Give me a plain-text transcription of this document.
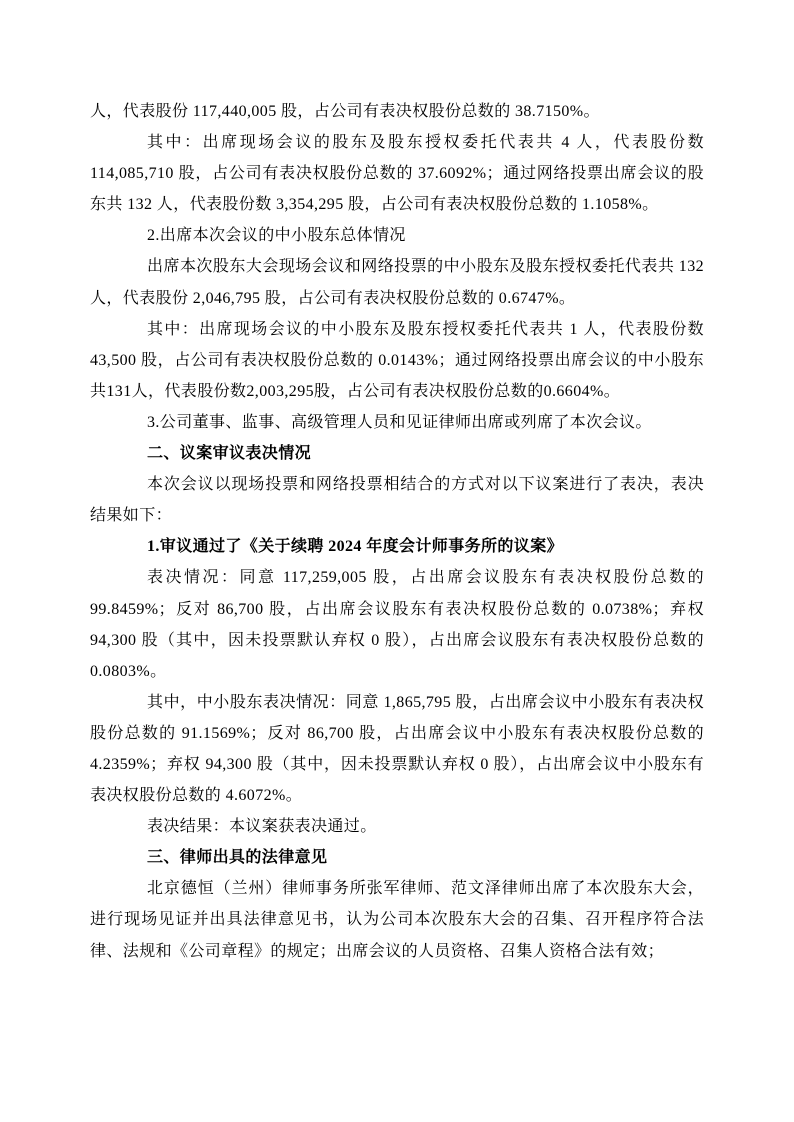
人，代表股份 117,440,005 股，占公司有表决权股份总数的 38.7150%。

其中：出席现场会议的股东及股东授权委托代表共 4 人，代表股份数 114,085,710 股，占公司有表决权股份总数的 37.6092%；通过网络投票出席会议的股东共 132 人，代表股份数 3,354,295 股，占公司有表决权股份总数的 1.1058%。

2.出席本次会议的中小股东总体情况

出席本次股东大会现场会议和网络投票的中小股东及股东授权委托代表共 132 人，代表股份 2,046,795 股，占公司有表决权股份总数的 0.6747%。

其中：出席现场会议的中小股东及股东授权委托代表共 1 人，代表股份数 43,500 股，占公司有表决权股份总数的 0.0143%；通过网络投票出席会议的中小股东共131人，代表股份数2,003,295股，占公司有表决权股份总数的0.6604%。

3.公司董事、监事、高级管理人员和见证律师出席或列席了本次会议。

二、议案审议表决情况

本次会议以现场投票和网络投票相结合的方式对以下议案进行了表决，表决结果如下：

1.审议通过了《关于续聘 2024 年度会计师事务所的议案》

表决情况：同意 117,259,005 股，占出席会议股东有表决权股份总数的 99.8459%；反对 86,700 股，占出席会议股东有表决权股份总数的 0.0738%；弃权 94,300 股（其中，因未投票默认弃权 0 股），占出席会议股东有表决权股份总数的 0.0803%。

其中，中小股东表决情况：同意 1,865,795 股，占出席会议中小股东有表决权股份总数的 91.1569%；反对 86,700 股，占出席会议中小股东有表决权股份总数的 4.2359%；弃权 94,300 股（其中，因未投票默认弃权 0 股），占出席会议中小股东有表决权股份总数的 4.6072%。

表决结果：本议案获表决通过。

三、律师出具的法律意见

北京德恒（兰州）律师事务所张军律师、范文泽律师出席了本次股东大会，进行现场见证并出具法律意见书，认为公司本次股东大会的召集、召开程序符合法律、法规和《公司章程》的规定；出席会议的人员资格、召集人资格合法有效；
